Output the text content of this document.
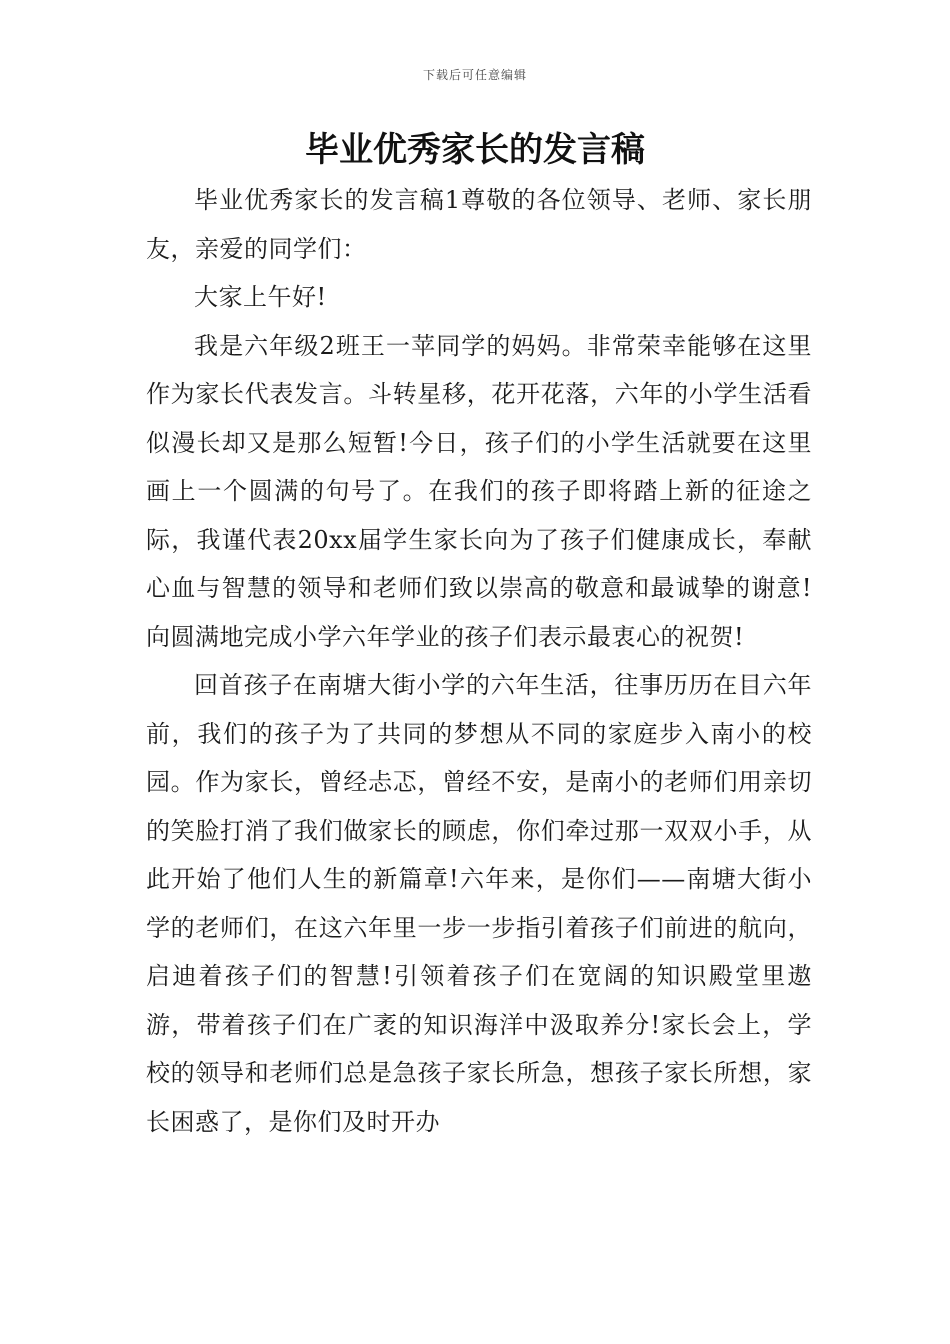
下载后可任意编辑
毕业优秀家长的发言稿

毕业优秀家长的发言稿1尊敬的各位领导、老师、家长朋友，亲爱的同学们：

大家上午好!

我是六年级2班王一苹同学的妈妈。非常荣幸能够在这里作为家长代表发言。斗转星移，花开花落，六年的小学生活看似漫长却又是那么短暂!今日，孩子们的小学生活就要在这里画上一个圆满的句号了。在我们的孩子即将踏上新的征途之际，我谨代表20xx届学生家长向为了孩子们健康成长，奉献心血与智慧的领导和老师们致以崇高的敬意和最诚挚的谢意!向圆满地完成小学六年学业的孩子们表示最衷心的祝贺!

回首孩子在南塘大街小学的六年生活，往事历历在目六年前，我们的孩子为了共同的梦想从不同的家庭步入南小的校园。作为家长，曾经忐忑，曾经不安，是南小的老师们用亲切的笑脸打消了我们做家长的顾虑，你们牵过那一双双小手，从此开始了他们人生的新篇章!六年来，是你们——南塘大街小学的老师们，在这六年里一步一步指引着孩子们前进的航向，启迪着孩子们的智慧!引领着孩子们在宽阔的知识殿堂里遨游，带着孩子们在广袤的知识海洋中汲取养分!家长会上，学校的领导和老师们总是急孩子家长所急，想孩子家长所想，家长困惑了，是你们及时开办
